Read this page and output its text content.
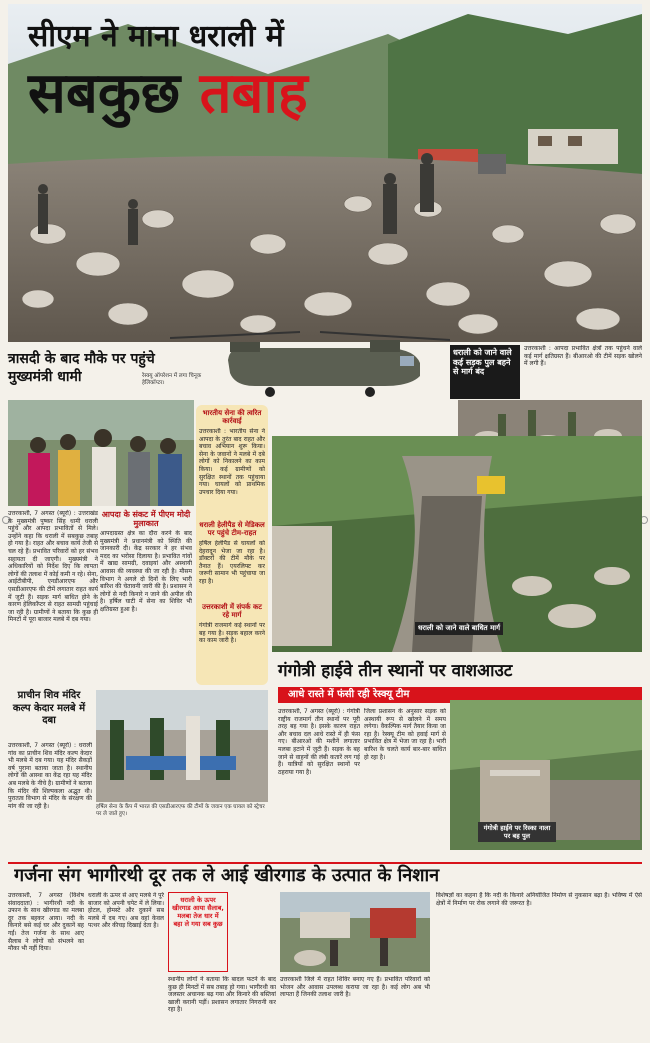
सीएम ने माना धराली में
सबकुछ तबाह
रेस्क्यू ऑपरेशन में लगा चिनूक हेलिकॉप्टर।
त्रासदी के बाद मौके पर पहुंचे मुख्यमंत्री धामी
उत्तरकाशी, 7 अगस्त (ब्यूरो) : उत्तराखंड के मुख्यमंत्री पुष्कर सिंह धामी धराली पहुंचे और आपदा प्रभावितों से मिले। उन्होंने कहा कि धराली में सबकुछ तबाह हो गया है। राहत और बचाव कार्य तेजी से चल रहे हैं। प्रभावित परिवारों को हर संभव सहायता दी जाएगी। मुख्यमंत्री ने अधिकारियों को निर्देश दिए कि लापता लोगों की तलाश में कोई कमी न रहे। सेना, आईटीबीपी, एनडीआरएफ और एसडीआरएफ की टीमें लगातार राहत कार्य में जुटी हैं। सड़क मार्ग बाधित होने के कारण हेलिकॉप्टर से राहत सामग्री पहुंचाई जा रही है। ग्रामीणों ने बताया कि कुछ ही मिनटों में पूरा बाजार मलबे में दब गया।
आपदा के संकट में पीएम मोदी मुलाकात
आपदाग्रस्त क्षेत्र का दौरा करने के बाद मुख्यमंत्री ने प्रधानमंत्री को स्थिति की जानकारी दी। केंद्र सरकार ने हर संभव मदद का भरोसा दिलाया है। प्रभावित गांवों में खाद्य सामग्री, दवाइयां और अस्थायी आवास की व्यवस्था की जा रही है। मौसम विभाग ने अगले दो दिनों के लिए भारी बारिश की चेतावनी जारी की है। प्रशासन ने लोगों से नदी किनारे न जाने की अपील की है। हर्षिल घाटी में सेना का शिविर भी क्षतिग्रस्त हुआ है।
भारतीय सेना की त्वरित कार्रवाई
उत्तरकाशी : भारतीय सेना ने आपदा के तुरंत बाद राहत और बचाव अभियान शुरू किया। सेना के जवानों ने मलबे में दबे लोगों को निकालने का काम किया। कई ग्रामीणों को सुरक्षित स्थानों तक पहुंचाया गया। घायलों को प्राथमिक उपचार दिया गया।
धराली हेलीपैड से मेडिकल पर पहुंचे टीम-राहत
हर्षिल हेलीपैड से घायलों को देहरादून भेजा जा रहा है। डॉक्टरों की टीमें मौके पर तैनात हैं। एयरलिफ्ट कर जरूरी सामान भी पहुंचाया जा रहा है।
उत्तरकाशी में संपर्क कट रहे मार्ग
गंगोत्री राजमार्ग कई स्थानों पर बह गया है। सड़क बहाल करने का काम जारी है।
धराली को जाने वाले कई सड़क पुल बहने से मार्ग बंद
उत्तरकाशी : आपदा प्रभावित क्षेत्रों तक पहुंचने वाले कई मार्ग क्षतिग्रस्त हैं। बीआरओ की टीमें सड़क खोलने में लगी हैं।
धराली को जाने वाले बाधित मार्ग
गंगोत्री हाईवे तीन स्थानों पर वाशआउट
आधे रास्ते में फंसी रही रेस्क्यू टीम
उत्तरकाशी, 7 अगस्त (ब्यूरो) : गंगोत्री राष्ट्रीय राजमार्ग तीन स्थानों पर पूरी तरह बह गया है। इसके कारण राहत और बचाव दल आधे रास्ते में ही फंस गए। बीआरओ की मशीनें लगातार मलबा हटाने में जुटी हैं। सड़क के बह जाने से वाहनों की लंबी कतारें लग गई हैं। यात्रियों को सुरक्षित स्थानों पर ठहराया गया है।
जिला प्रशासन के अनुसार सड़क को अस्थायी रूप से खोलने में समय लगेगा। वैकल्पिक मार्ग तैयार किया जा रहा है। रेस्क्यू टीम को हवाई मार्ग से प्रभावित क्षेत्र में भेजा जा रहा है। भारी बारिश के चलते कार्य बार-बार बाधित हो रहा है।
गंगोत्री हाईवे पर रिस्का नाला पर बह पुल
प्राचीन शिव मंदिर कल्प केदार मलबे में दबा
उत्तरकाशी, 7 अगस्त (ब्यूरो) : धराली गांव का प्राचीन शिव मंदिर कल्प केदार भी मलबे में दब गया। यह मंदिर सैकड़ों वर्ष पुराना बताया जाता है। स्थानीय लोगों की आस्था का केंद्र रहा यह मंदिर अब मलबे के नीचे है। ग्रामीणों ने बताया कि मंदिर की शिल्पकला अद्भुत थी। पुरातत्व विभाग से मंदिर के संरक्षण की मांग की जा रही है।	हर्षिल सेना के कैंप में भारत की एसडीआरएफ की टीमों के जवान एक घायल को स्ट्रेचर पर ले जाते हुए।
गर्जना संग भागीरथी दूर तक ले आई खीरगाड के उत्पात के निशान
उत्तरकाशी, 7 अगस्त (विशेष संवाददाता) : भागीरथी नदी के उफान के साथ खीरगाड का मलबा दूर तक बहकर आया। नदी के किनारे बसे कई घर और दुकानें बह गईं। तेज गर्जना के साथ आए सैलाब ने लोगों को संभलने का मौका भी नहीं दिया।
धराली के ऊपर से आए मलबे ने पूरे बाजार को अपनी चपेट में ले लिया। होटल, होमस्टे और दुकानें सब मलबे में दब गए। अब वहां केवल पत्थर और कीचड़ दिखाई देता है।
धराली के ऊपर खीरगाड आया सैलाब, मलबा तेज धार में बहा ले गया सब कुछ
स्थानीय लोगों ने बताया कि बादल फटने के बाद कुछ ही मिनटों में सब तबाह हो गया। भागीरथी का जलस्तर अचानक बढ़ गया और किनारे की बस्तियां खाली करानी पड़ीं। प्रशासन लगातार निगरानी कर रहा है।
उत्तरकाशी जिले में राहत शिविर बनाए गए हैं। प्रभावित परिवारों को भोजन और आवास उपलब्ध कराया जा रहा है। कई लोग अब भी लापता हैं जिनकी तलाश जारी है।
विशेषज्ञों का कहना है कि नदी के किनारे अनियोजित निर्माण से नुकसान बढ़ा है। भविष्य में ऐसे क्षेत्रों में निर्माण पर रोक लगाने की जरूरत है।
